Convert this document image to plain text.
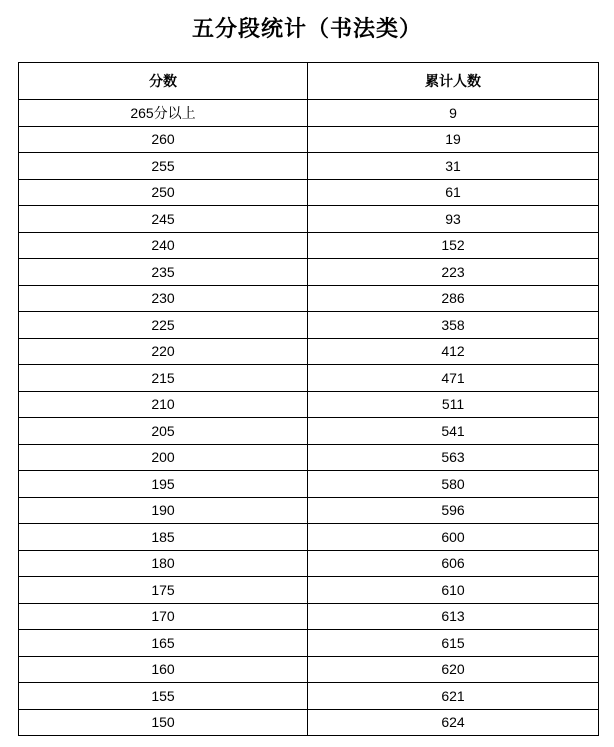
五分段统计（书法类）
分数	累计人数
265分以上	9
260	19
255	31
250	61
245	93
240	152
235	223
230	286
225	358
220	412
215	471
210	511
205	541
200	563
195	580
190	596
185	600
180	606
175	610
170	613
165	615
160	620
155	621
150	624
